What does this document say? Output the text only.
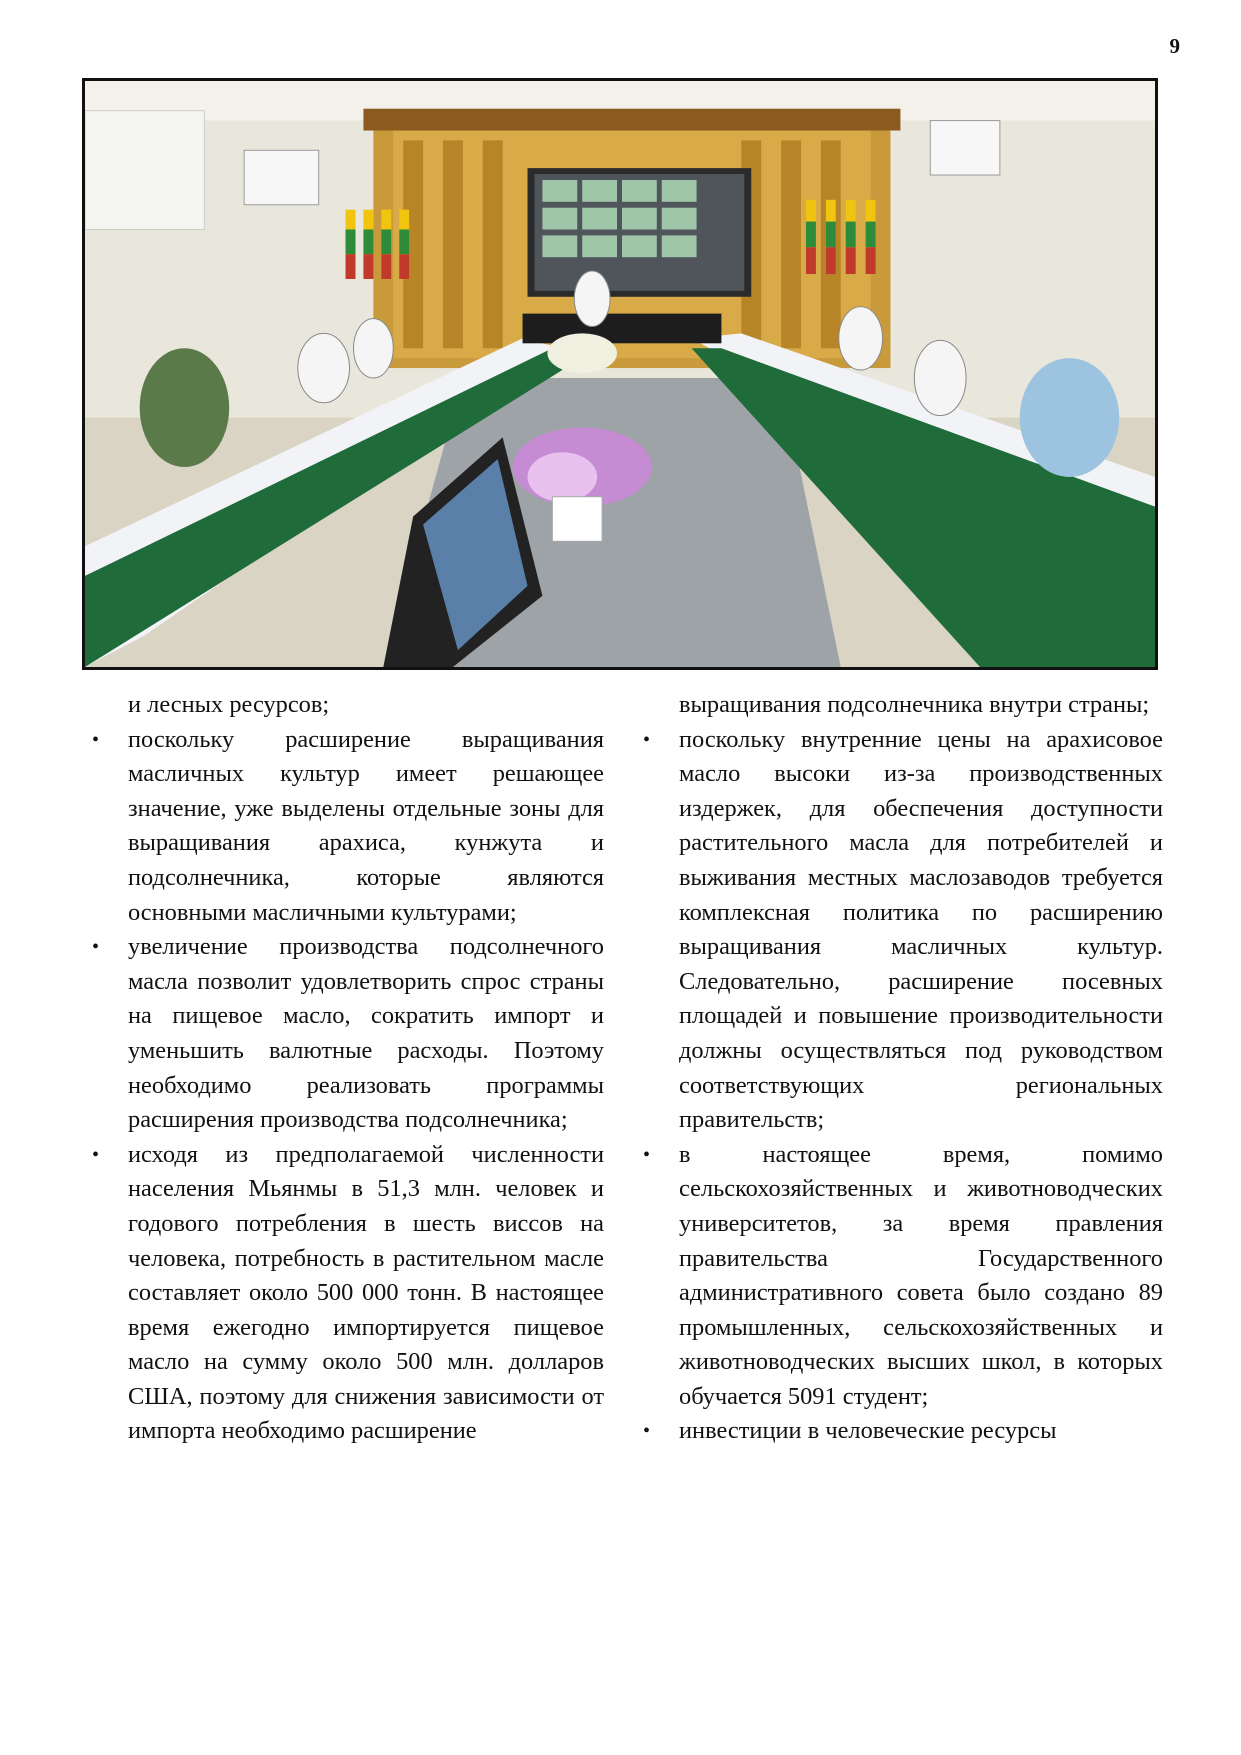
9
и лесных ресурсов;
•	поскольку расширение выращивания масличных культур имеет решающее значение, уже выделены отдельные зоны для выращивания арахиса, кунжута и подсолнечника, которые являются основными масличными культурами;
•	увеличение производства подсолнечного масла позволит удовлетворить спрос страны на пищевое масло, сократить импорт и уменьшить валютные расходы. Поэтому необходимо реализовать программы расширения производства подсолнечника;
•	исходя из предполагаемой численности населения Мьянмы в 51,3 млн. человек и годового потребления в шесть виссов на человека, потребность в растительном масле составляет около 500 000 тонн. В настоящее время ежегодно импортируется пищевое масло на сумму около 500 млн. долларов США, поэтому для снижения зависимости от импорта необходимо расширение
выращивания подсолнечника внутри страны;
•	поскольку внутренние цены на арахисовое масло высоки из-за производственных издержек, для обеспечения доступности растительного масла для потребителей и выживания местных маслозаводов требуется комплексная политика по расширению выращивания масличных культур. Следовательно, расширение посевных площадей и повышение производительности должны осуществляться под руководством соответствующих региональных правительств;
•	в настоящее время, помимо сельскохозяйственных и животноводческих университетов, за время правления правительства Государственного административного совета было создано 89 промышленных, сельскохозяйственных и животноводческих высших школ, в которых обучается 5091 студент;
•	инвестиции в человеческие ресурсы
